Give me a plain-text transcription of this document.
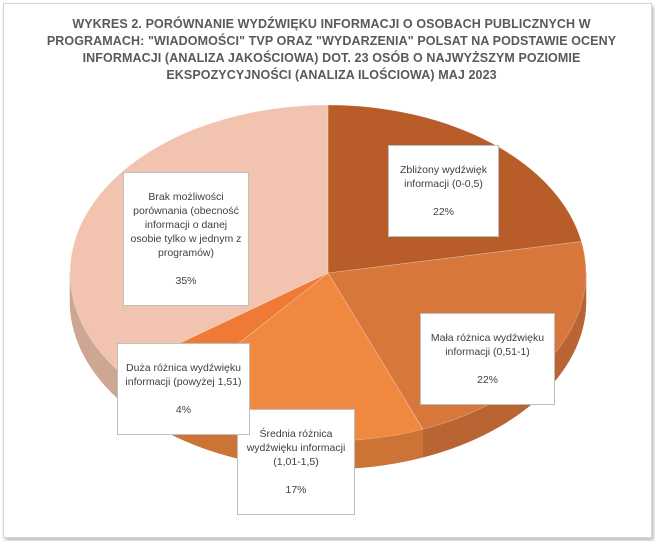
WYKRES 2. PORÓWNANIE WYDŹWIĘKU INFORMACJI O OSOBACH PUBLICZNYCH W PROGRAMACH: "WIADOMOŚCI" TVP ORAZ "WYDARZENIA" POLSAT NA PODSTAWIE OCENY INFORMACJI (ANALIZA JAKOŚCIOWA) DOT. 23 OSÓB O NAJWYŻSZYM POZIOMIE EKSPOZYCYJNOŚCI (ANALIZA ILOŚCIOWA) MAJ 2023

Zbliżony wydźwięk informacji (0-0,5)

22%

Mała różnica wydźwięku informacji (0,51-1)

22%

Średnia różnica wydźwięku informacji (1,01-1,5)

17%

Duża różnica wydźwięku informacji (powyżej 1,51)

4%

Brak możliwości porównania (obecność informacji o danej osobie tylko w jednym z programów)

35%
